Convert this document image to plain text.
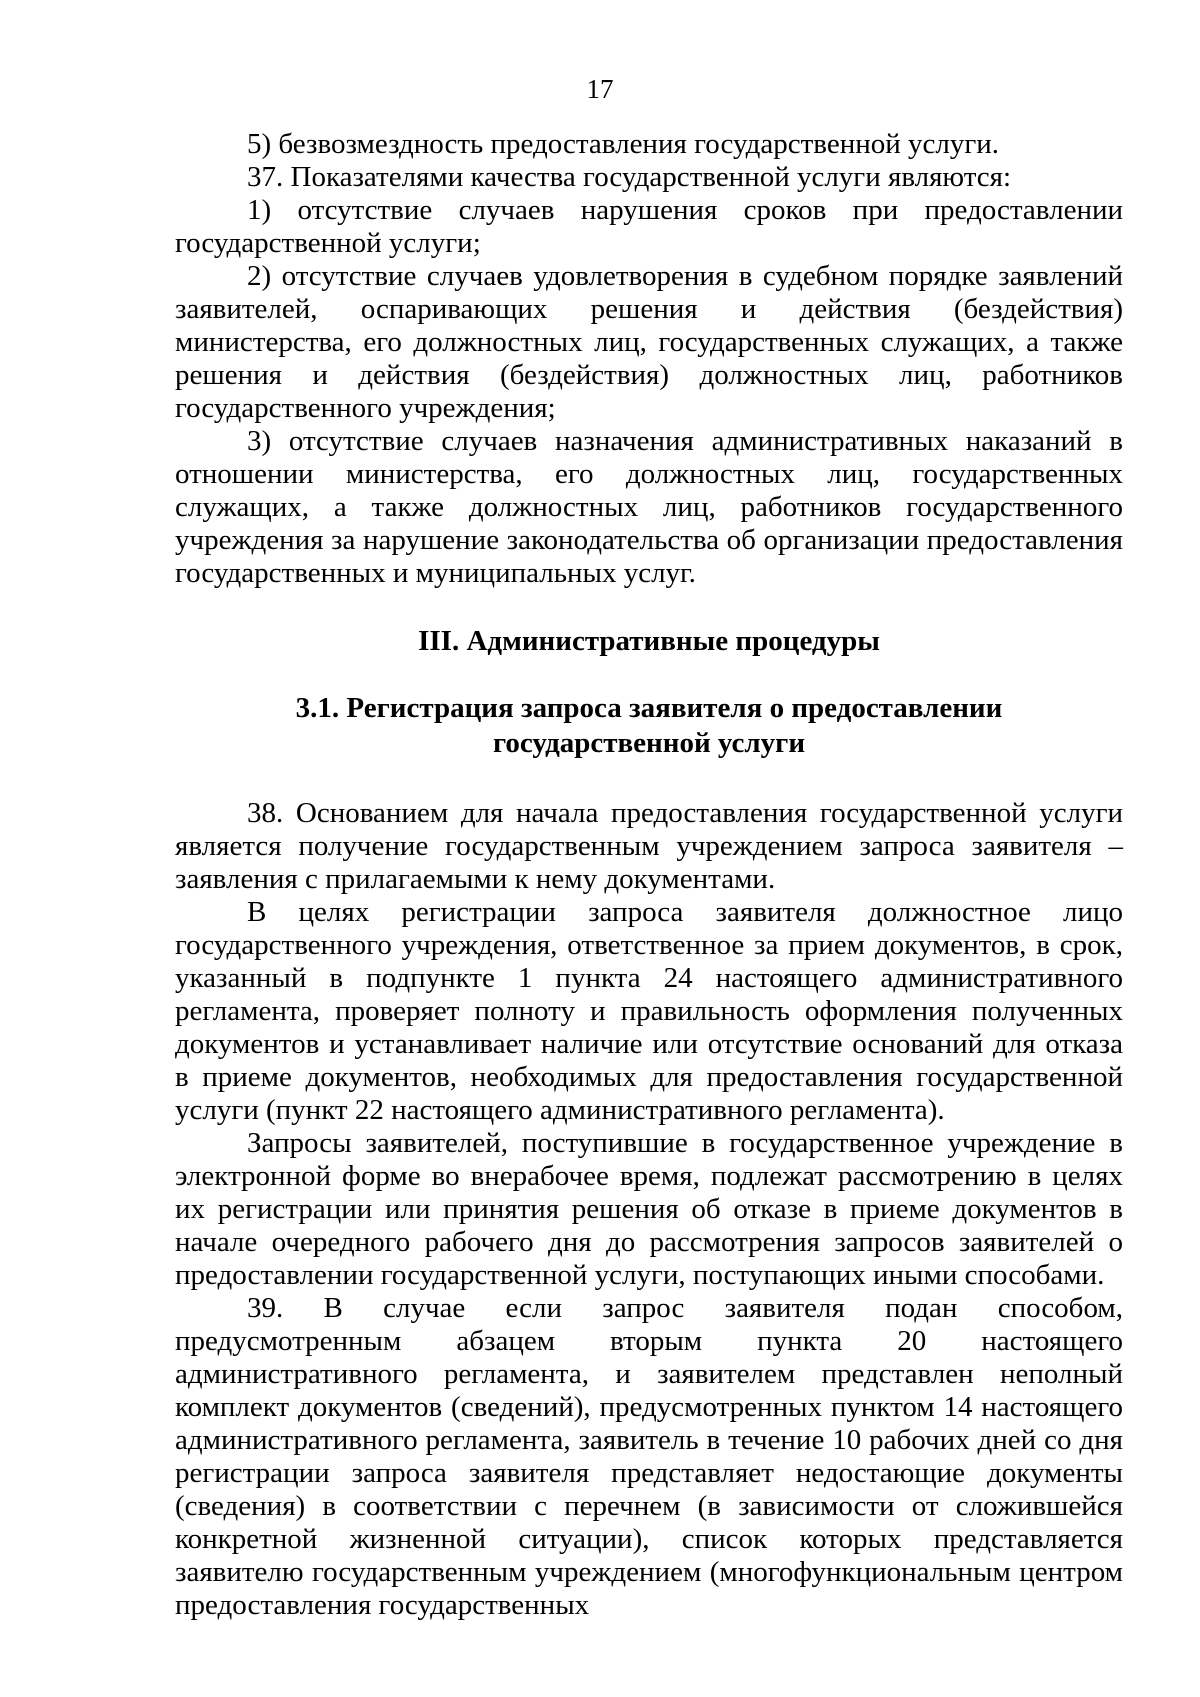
17

5) безвозмездность предоставления государственной услуги.

37. Показателями качества государственной услуги являются:

1) отсутствие случаев нарушения сроков при предоставлении государственной услуги;

2) отсутствие случаев удовлетворения в судебном порядке заявлений заявителей, оспаривающих решения и действия (бездействия) министерства, его должностных лиц, государственных служащих, а также решения и действия (бездействия) должностных лиц, работников государственного учреждения;

3) отсутствие случаев назначения административных наказаний в отношении министерства, его должностных лиц, государственных служащих, а также должностных лиц, работников государственного учреждения за нарушение законодательства об организации предоставления государственных и муниципальных услуг.

III. Административные процедуры

3.1. Регистрация запроса заявителя о предоставлении

государственной услуги

38. Основанием для начала предоставления государственной услуги является получение государственным учреждением запроса заявителя – заявления с прилагаемыми к нему документами.

В целях регистрации запроса заявителя должностное лицо государственного учреждения, ответственное за прием документов, в срок, указанный в подпункте 1 пункта 24 настоящего административного регламента, проверяет полноту и правильность оформления полученных документов и устанавливает наличие или отсутствие оснований для отказа в приеме документов, необходимых для предоставления государственной услуги (пункт 22 настоящего административного регламента).

Запросы заявителей, поступившие в государственное учреждение в электронной форме во внерабочее время, подлежат рассмотрению в целях их регистрации или принятия решения об отказе в приеме документов в начале очередного рабочего дня до рассмотрения запросов заявителей о предоставлении государственной услуги, поступающих иными способами.

39. В случае если запрос заявителя подан способом, предусмотренным абзацем вторым пункта 20 настоящего административного регламента, и заявителем представлен неполный комплект документов (сведений), предусмотренных пунктом 14 настоящего административного регламента, заявитель в течение 10 рабочих дней со дня регистрации запроса заявителя представляет недостающие документы (сведения) в соответствии с перечнем (в зависимости от сложившейся конкретной жизненной ситуации), список которых представляется заявителю государственным учреждением (многофункциональным центром предоставления государственных
